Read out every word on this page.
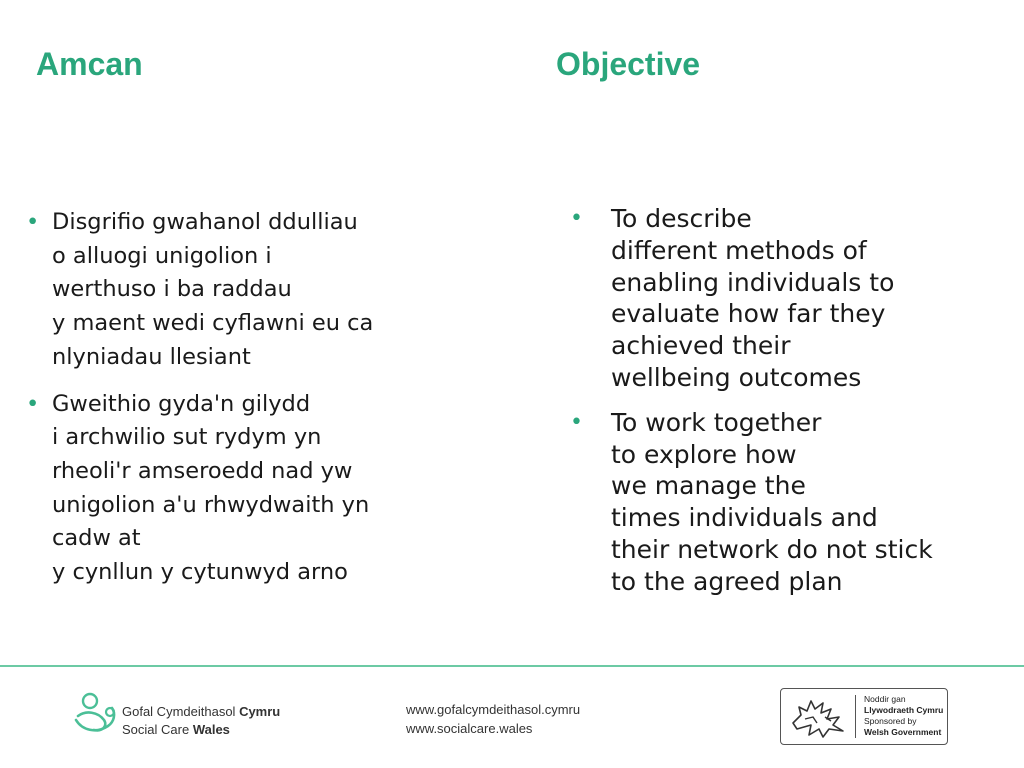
Amcan	Objective
• Disgrifio gwahanol ddulliau
o alluogi unigolion i
werthuso i ba raddau
y maent wedi cyflawni eu ca
nlyniadau llesiant
• Gweithio gyda'n gilydd
i archwilio sut rydym yn
rheoli'r amseroedd nad yw
unigolion a'u rhwydwaith yn
cadw at
y cynllun y cytunwyd arno
• To describe
different methods of
enabling individuals to
evaluate how far they
achieved their
wellbeing outcomes
• To work together
to explore how
we manage the
times individuals and
their network do not stick
to the agreed plan
Gofal Cymdeithasol Cymru
Social Care Wales
www.gofalcymdeithasol.cymru
www.socialcare.wales
Noddir gan
Llywodraeth Cymru
Sponsored by
Welsh Government
